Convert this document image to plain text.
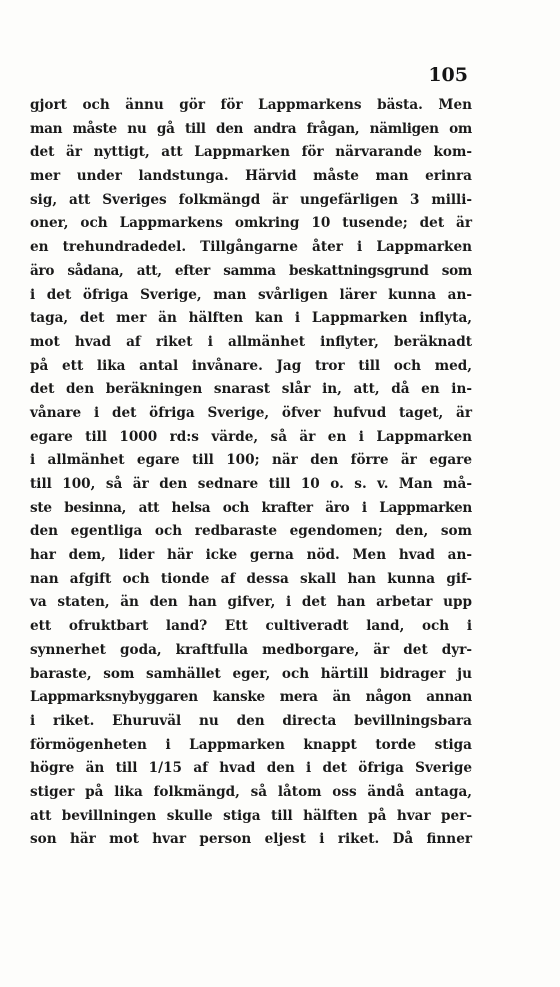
105
gjort och ännu gör för Lappmarkens bästa. Men
man måste nu gå till den andra frågan, nämligen om
det är nyttigt, att Lappmarken för närvarande kom-
mer under landstunga. Härvid måste man erinra
sig, att Sveriges folkmängd är ungefärligen 3 milli-
oner, och Lappmarkens omkring 10 tusende; det är
en trehundradedel. Tillgångarne åter i Lappmarken
äro sådana, att, efter samma beskattningsgrund som
i det öfriga Sverige, man svårligen lärer kunna an-
taga, det mer än hälften kan i Lappmarken inflyta,
mot hvad af riket i allmänhet inflyter, beräknadt
på ett lika antal invånare. Jag tror till och med,
det den beräkningen snarast slår in, att, då en in-
vånare i det öfriga Sverige, öfver hufvud taget, är
egare till 1000 rd:s värde, så är en i Lappmarken
i allmänhet egare till 100; när den förre är egare
till 100, så är den sednare till 10 o. s. v. Man må-
ste besinna, att helsa och krafter äro i Lappmarken
den egentliga och redbaraste egendomen; den, som
har dem, lider här icke gerna nöd. Men hvad an-
nan afgift och tionde af dessa skall han kunna gif-
va staten, än den han gifver, i det han arbetar upp
ett ofruktbart land? Ett cultiveradt land, och i
synnerhet goda, kraftfulla medborgare, är det dyr-
baraste, som samhället eger, och härtill bidrager ju
Lappmarksnybyggaren kanske mera än någon annan
i riket. Ehuruväl nu den directa bevillningsbara
förmögenheten i Lappmarken knappt torde stiga
högre än till 1/15 af hvad den i det öfriga Sverige
stiger på lika folkmängd, så låtom oss ändå antaga,
att bevillningen skulle stiga till hälften på hvar per-
son här mot hvar person eljest i riket. Då finner
